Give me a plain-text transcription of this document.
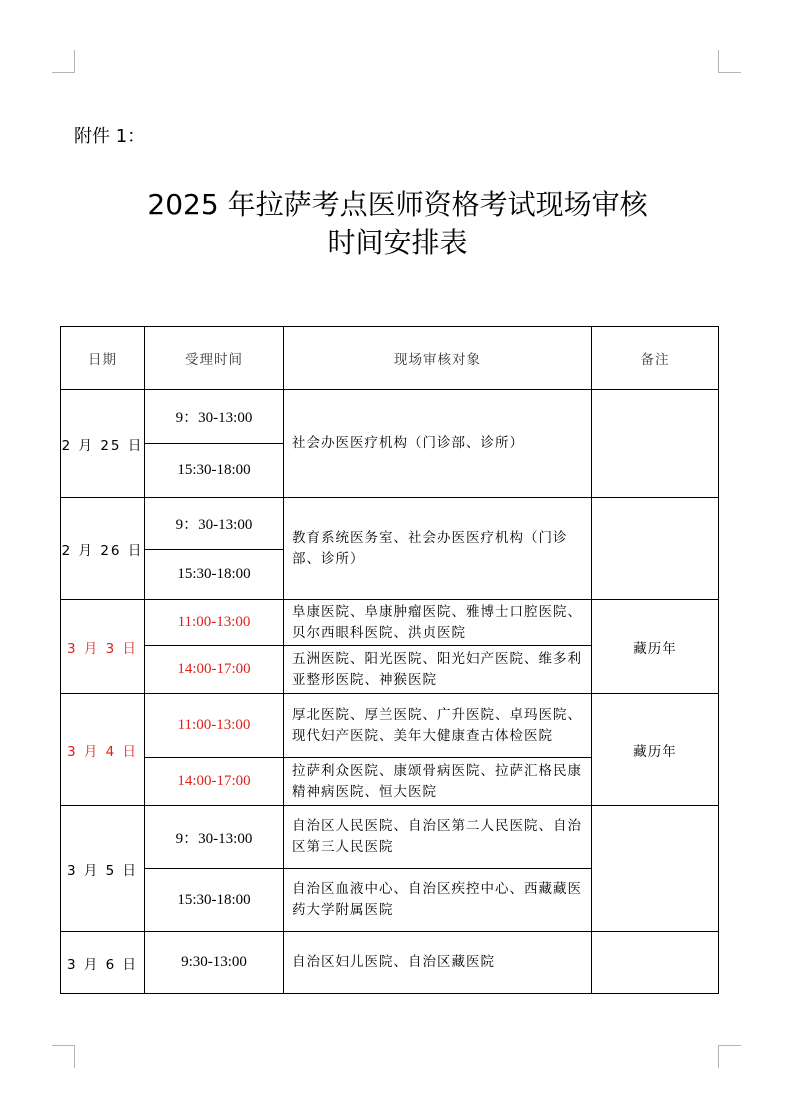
附件 1：
2025 年拉萨考点医师资格考试现场审核
时间安排表
日期	受理时间	现场审核对象	备注
2 月 25 日	9：30-13:00	社会办医医疗机构（门诊部、诊所）	
	15:30-18:00		
2 月 26 日	9：30-13:00	教育系统医务室、社会办医医疗机构（门诊部、诊所）	
	15:30-18:00		
3 月 3 日	11:00-13:00	阜康医院、阜康肿瘤医院、雅博士口腔医院、贝尔西眼科医院、洪贞医院	藏历年
	14:00-17:00	五洲医院、阳光医院、阳光妇产医院、维多利亚整形医院、神猴医院	
3 月 4 日	11:00-13:00	厚北医院、厚兰医院、广升医院、卓玛医院、现代妇产医院、美年大健康查古体检医院	藏历年
	14:00-17:00	拉萨利众医院、康颂骨病医院、拉萨汇格民康精神病医院、恒大医院	
3 月 5 日	9：30-13:00	自治区人民医院、自治区第二人民医院、自治区第三人民医院	
	15:30-18:00	自治区血液中心、自治区疾控中心、西藏藏医药大学附属医院	
3 月 6 日	9:30-13:00	自治区妇儿医院、自治区藏医院	
